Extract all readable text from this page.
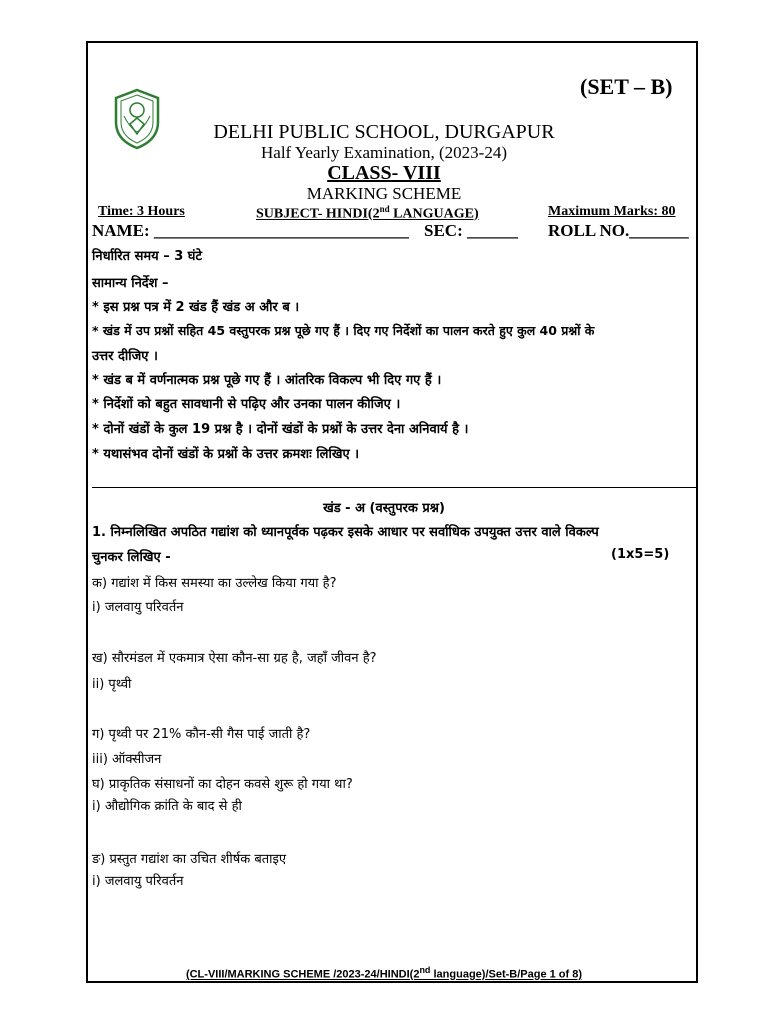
(SET – B)
DELHI PUBLIC SCHOOL, DURGAPUR
Half Yearly Examination, (2023-24)
CLASS- VIII
MARKING SCHEME
Time: 3 Hours	SUBJECT- HINDI(2nd LANGUAGE)	Maximum Marks: 80
NAME: ______________________________ SEC: ______ ROLL NO._______
निर्धारित समय – 3 घंटे
सामान्य निर्देश –
* इस प्रश्न पत्र में 2 खंड हैं खंड अ और ब ।
* खंड में उप प्रश्नों सहित 45 वस्तुपरक प्रश्न पूछे गए हैं । दिए गए निर्देशों का पालन करते हुए कुल 40 प्रश्नों के
उत्तर दीजिए ।
* खंड ब में वर्णनात्मक प्रश्न पूछे गए हैं । आंतरिक विकल्प भी दिए गए हैं ।
* निर्देशों को बहुत सावधानी से पढ़िए और उनका पालन कीजिए ।
* दोनों खंडों के कुल 19 प्रश्न है । दोनों खंडों के प्रश्नों के उत्तर देना अनिवार्य है ।
* यथासंभव दोनों खंडों के प्रश्नों के उत्तर क्रमशः लिखिए ।
खंड - अ (वस्तुपरक प्रश्न)
1. निम्नलिखित अपठित गद्यांश को ध्यानपूर्वक पढ़कर इसके आधार पर सर्वाधिक उपयुक्त उत्तर वाले विकल्प
चुनकर लिखिए -	(1x5=5)
क) गद्यांश में किस समस्या का उल्लेख किया गया है?
i) जलवायु परिवर्तन
ख) सौरमंडल में एकमात्र ऐसा कौन-सा ग्रह है, जहाँ जीवन है?
ii) पृथ्वी
ग) पृथ्वी पर 21% कौन-सी गैस पाई जाती है?
iii) ऑक्सीजन
घ) प्राकृतिक संसाधनों का दोहन कवसे शुरू हो गया था?
i) औद्योगिक क्रांति के बाद से ही
ङ) प्रस्तुत गद्यांश का उचित शीर्षक बताइए
i) जलवायु परिवर्तन
(CL-VIII/MARKING SCHEME /2023-24/HINDI(2nd language)/Set-B/Page 1 of 8)
